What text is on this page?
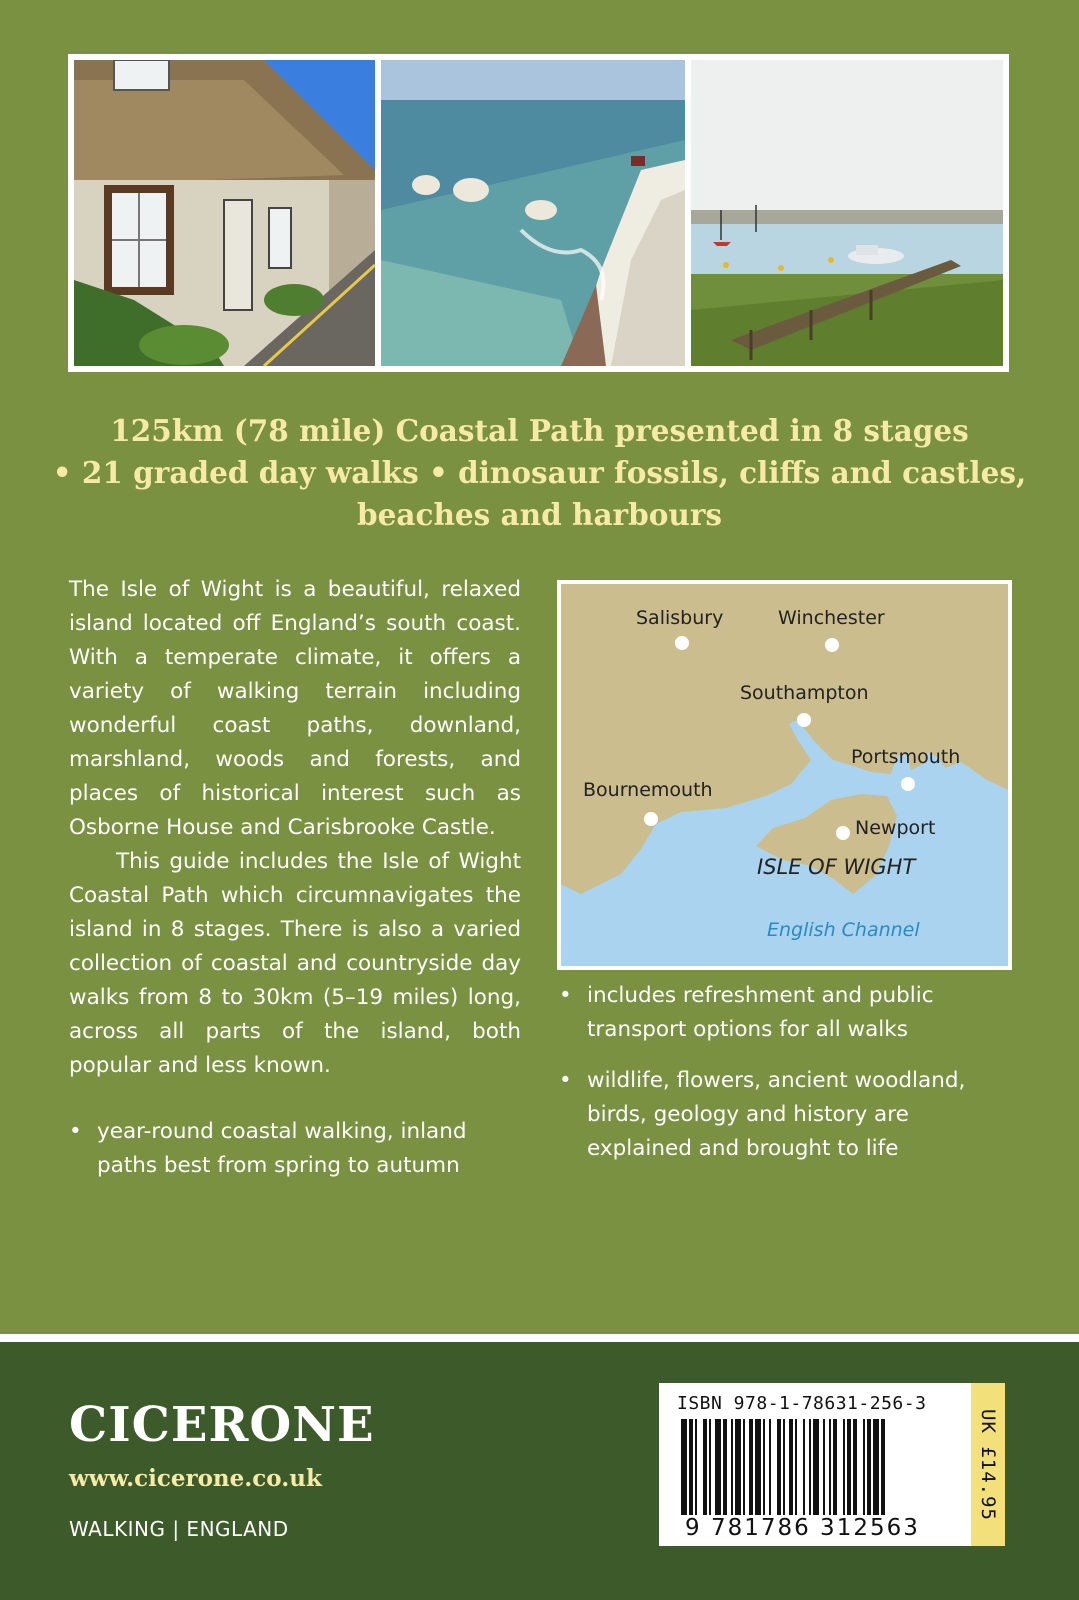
125km (78 mile) Coastal Path presented in 8 stages
• 21 graded day walks • dinosaur fossils, cliffs and castles,
beaches and harbours

The Isle of Wight is a beautiful, relaxed island located off England’s south coast. With a temperate climate, it offers a variety of walking terrain including wonderful coast paths, downland, marshland, woods and forests, and places of historical interest such as Osborne House and Carisbrooke Castle.

This guide includes the Isle of Wight Coastal Path which circumnavigates the island in 8 stages. There is also a varied collection of coastal and countryside day walks from 8 to 30km (5–19 miles) long, across all parts of the island, both popular and less known.

• year-round coastal walking, inland paths best from spring to autumn
• includes refreshment and public transport options for all walks
• wildlife, flowers, ancient woodland, birds, geology and history are explained and brought to life
Salisbury	Winchester
Southampton
Portsmouth
Bournemouth
Newport
ISLE OF WIGHT
English Channel
CICERONE
www.cicerone.co.uk
WALKING | ENGLAND
ISBN 978-1-78631-256-3
9 781786 312563
UK £14.95
